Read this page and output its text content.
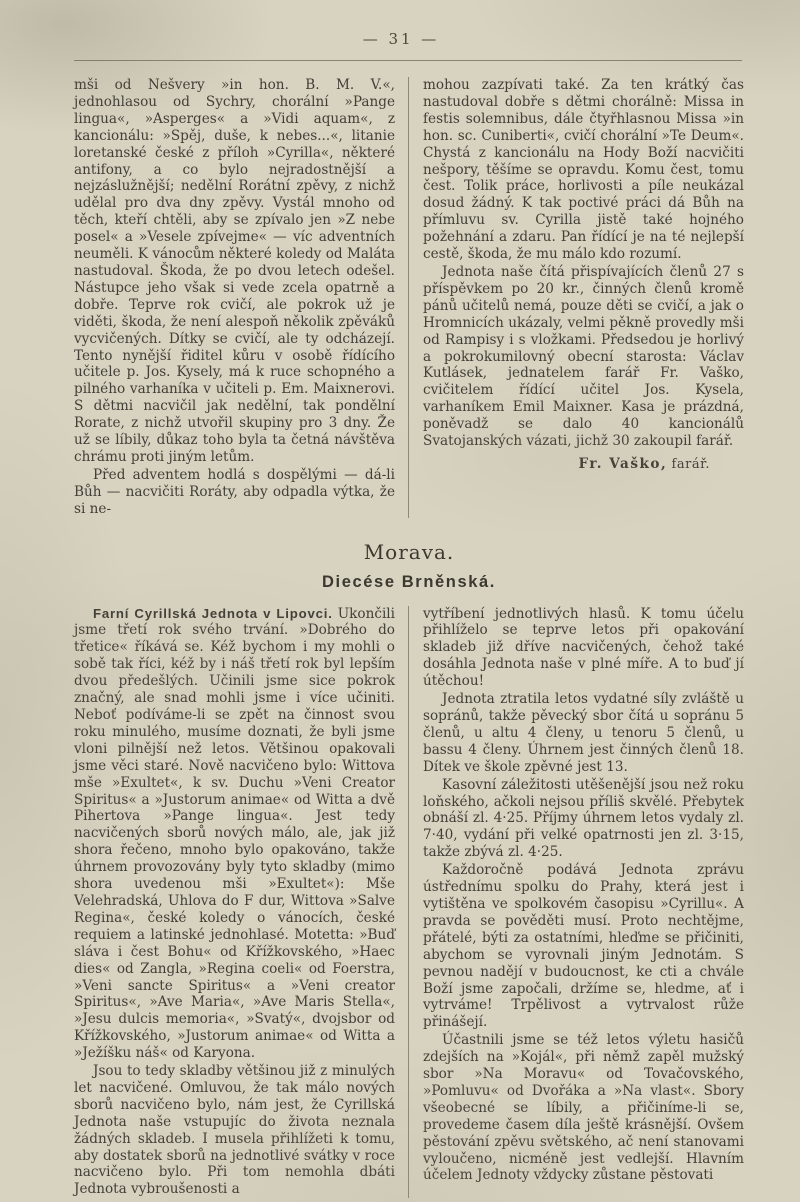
— 31 —

mši od Nešvery »in hon. B. M. V.«, jednohlasou od Sychry, chorální »Pange lingua«, »Asperges« a »Vidi aquam«, z kancionálu: »Spěj, duše, k nebes...«, litanie loretanské české z příloh »Cyrilla«, některé antifony, a co bylo nejradostnější a nejzáslužnější; nedělní Rorátní zpěvy, z nichž udělal pro dva dny zpěvy. Vystál mnoho od těch, kteří chtěli, aby se zpívalo jen »Z nebe posel« a »Vesele zpívejme« — víc adventních neuměli. K vánocům některé koledy od Maláta nastudoval. Škoda, že po dvou letech odešel. Nástupce jeho však si vede zcela opatrně a dobře. Teprve rok cvičí, ale pokrok už je viděti, škoda, že není alespoň několik zpěváků vycvičených. Dítky se cvičí, ale ty odcházejí. Tento nynější řiditel kůru v osobě řídícího učitele p. Jos. Kysely, má k ruce schopného a pilného varhaníka v učiteli p. Em. Maixnerovi. S dětmi nacvičil jak nedělní, tak pondělní Rorate, z nichž utvořil skupiny pro 3 dny. Že už se líbily, důkaz toho byla ta četná návštěva chrámu proti jiným letům.

Před adventem hodlá s dospělými — dá-li Bůh — nacvičiti Roráty, aby odpadla výtka, že si ne-

mohou zazpívati také. Za ten krátký čas nastudoval dobře s dětmi chorálně: Missa in festis solemnibus, dále čtyřhlasnou Missa »in hon. sc. Cuniberti«, cvičí chorální »Te Deum«. Chystá z kancionálu na Hody Boží nacvičiti nešpory, těšíme se opravdu. Komu čest, tomu čest. Tolik práce, horlivosti a píle neukázal dosud žádný. K tak poctivé práci dá Bůh na přímluvu sv. Cyrilla jistě také hojného požehnání a zdaru. Pan řídící je na té nejlepší cestě, škoda, že mu málo kdo rozumí.

Jednota naše čítá přispívajících členů 27 s příspěvkem po 20 kr., činných členů kromě pánů učitelů nemá, pouze děti se cvičí, a jak o Hromnicích ukázaly, velmi pěkně provedly mši od Rampisy i s vložkami. Předsedou je horlivý a pokrokumilovný obecní starosta: Václav Kutlásek, jednatelem farář Fr. Vaško, cvičitelem řídící učitel Jos. Kysela, varhaníkem Emil Maixner. Kasa je prázdná, poněvadž se dalo 40 kancionálů Svatojanských vázati, jichž 30 zakoupil farář.

Fr. Vaško, farář.
Morava.
Diecése Brněnská.

Farní Cyrillská Jednota v Lipovci. Ukončili jsme třetí rok svého trvání. »Dobrého do třetice« říkává se. Kéž bychom i my mohli o sobě tak říci, kéž by i náš třetí rok byl lepším dvou předešlých. Učinili jsme sice pokrok značný, ale snad mohli jsme i více učiniti. Neboť podíváme-li se zpět na činnost svou roku minulého, musíme doznati, že byli jsme vloni pilnější než letos. Většinou opakovali jsme věci staré. Nově nacvičeno bylo: Wittova mše »Exultet«, k sv. Duchu »Veni Creator Spiritus« a »Justorum animae« od Witta a dvě Pihertova »Pange lingua«. Jest tedy nacvičených sborů nových málo, ale, jak již shora řečeno, mnoho bylo opakováno, takže úhrnem provozovány byly tyto skladby (mimo shora uvedenou mši »Exultet«): Mše Velehradská, Uhlova do F dur, Wittova »Salve Regina«, české koledy o vánocích, české requiem a latinské jednohlasé. Motetta: »Buď sláva i čest Bohu« od Křížkovského, »Haec dies« od Zangla, »Regina coeli« od Foerstra, »Veni sancte Spiritus« a »Veni creator Spiritus«, »Ave Maria«, »Ave Maris Stella«, »Jesu dulcis memoria«, »Svatý«, dvojsbor od Křížkovského, »Justorum animae« od Witta a »Ježíšku náš« od Karyona.

Jsou to tedy skladby většinou již z minulých let nacvičené. Omluvou, že tak málo nových sborů nacvičeno bylo, nám jest, že Cyrillská Jednota naše vstupujíc do života neznala žádných skladeb. I musela přihlížeti k tomu, aby dostatek sborů na jednotlivé svátky v roce nacvičeno bylo. Při tom nemohla dbáti Jednota vybroušenosti a

vytříbení jednotlivých hlasů. K tomu účelu přihlíželo se teprve letos při opakování skladeb již dříve nacvičených, čehož také dosáhla Jednota naše v plné míře. A to buď jí útěchou!

Jednota ztratila letos vydatné síly zvláště u sopránů, takže pěvecký sbor čítá u sopránu 5 členů, u altu 4 členy, u tenoru 5 členů, u bassu 4 členy. Úhrnem jest činných členů 18. Dítek ve škole zpěvné jest 13.

Kasovní záležitosti utěšenější jsou než roku loňského, ačkoli nejsou příliš skvělé. Přebytek obnáší zl. 4·25. Příjmy úhrnem letos vydaly zl. 7·40, vydání při velké opatrnosti jen zl. 3·15, takže zbývá zl. 4·25.

Každoročně podává Jednota zprávu ústřednímu spolku do Prahy, která jest i vytištěna ve spolkovém časopisu »Cyrillu«. A pravda se pověděti musí. Proto nechtějme, přátelé, býti za ostatními, hleďme se přičiniti, abychom se vyrovnali jiným Jednotám. S pevnou nadějí v budoucnost, ke cti a chvále Boží jsme započali, držíme se, hledme, ať i vytrváme! Trpělivost a vytrvalost růže přinášejí.

Účastnili jsme se též letos výletu hasičů zdejších na »Kojál«, při němž zapěl mužský sbor »Na Moravu« od Tovačovského, »Pomluvu« od Dvořáka a »Na vlast«. Sbory všeobecné se líbily, a přičiníme-li se, provedeme časem díla ještě krásnější. Ovšem pěstování zpěvu světského, ač není stanovami vyloučeno, nicméně jest vedlejší. Hlavním účelem Jednoty vždycky zůstane pěstovati
